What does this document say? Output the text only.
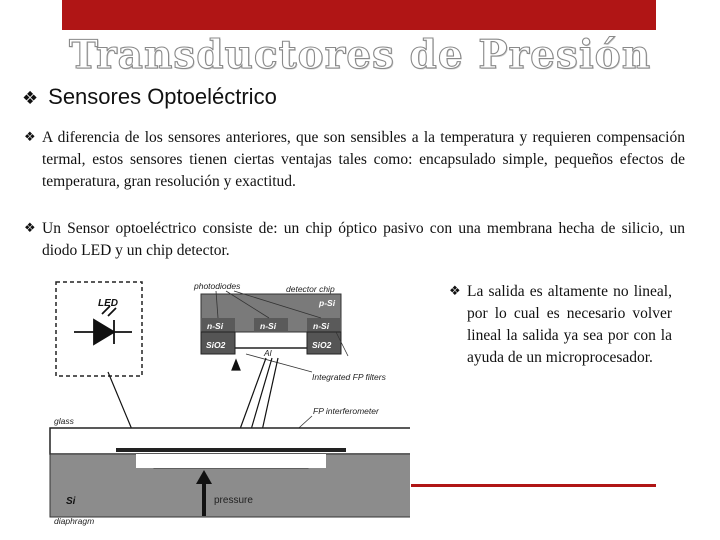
Transductores de Presión
❖ Sensores Optoeléctrico
❖ A diferencia de los sensores anteriores, que son sensibles a la temperatura y requieren compensación termal, estos sensores tienen ciertas ventajas tales como: encapsulado simple, pequeños efectos de temperatura, gran resolución y exactitud.
❖ Un Sensor optoeléctrico consiste de: un chip óptico pasivo con una membrana hecha de silicio, un diodo LED y un chip detector.
❖ La salida es altamente no lineal, por lo cual es necesario volver lineal la salida ya sea por con la ayuda de un microprocesador.
LED	p-Si
n-Si	n-Si	n-Si
SiO2	SiO2
Al
photodiodes	detector chip
Integrated FP filters
FP interferometer
glass
Si	pressure
diaphragm
